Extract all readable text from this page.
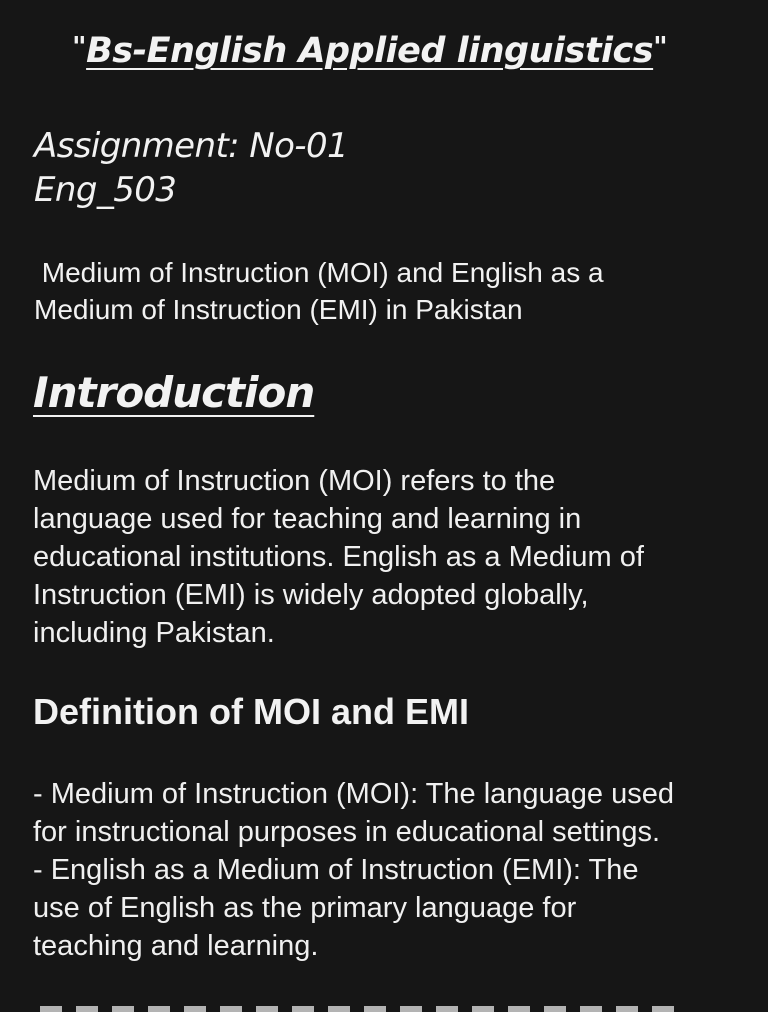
"Bs-English Applied linguistics"
Assignment: No-01
Eng_503
Medium of Instruction (MOI) and English as a
Medium of Instruction (EMI) in Pakistan
Introduction
Medium of Instruction (MOI) refers to the
language used for teaching and learning in
educational institutions. English as a Medium of
Instruction (EMI) is widely adopted globally,
including Pakistan.
Definition of MOI and EMI
- Medium of Instruction (MOI): The language used
for instructional purposes in educational settings.
- English as a Medium of Instruction (EMI): The
use of English as the primary language for
teaching and learning.
